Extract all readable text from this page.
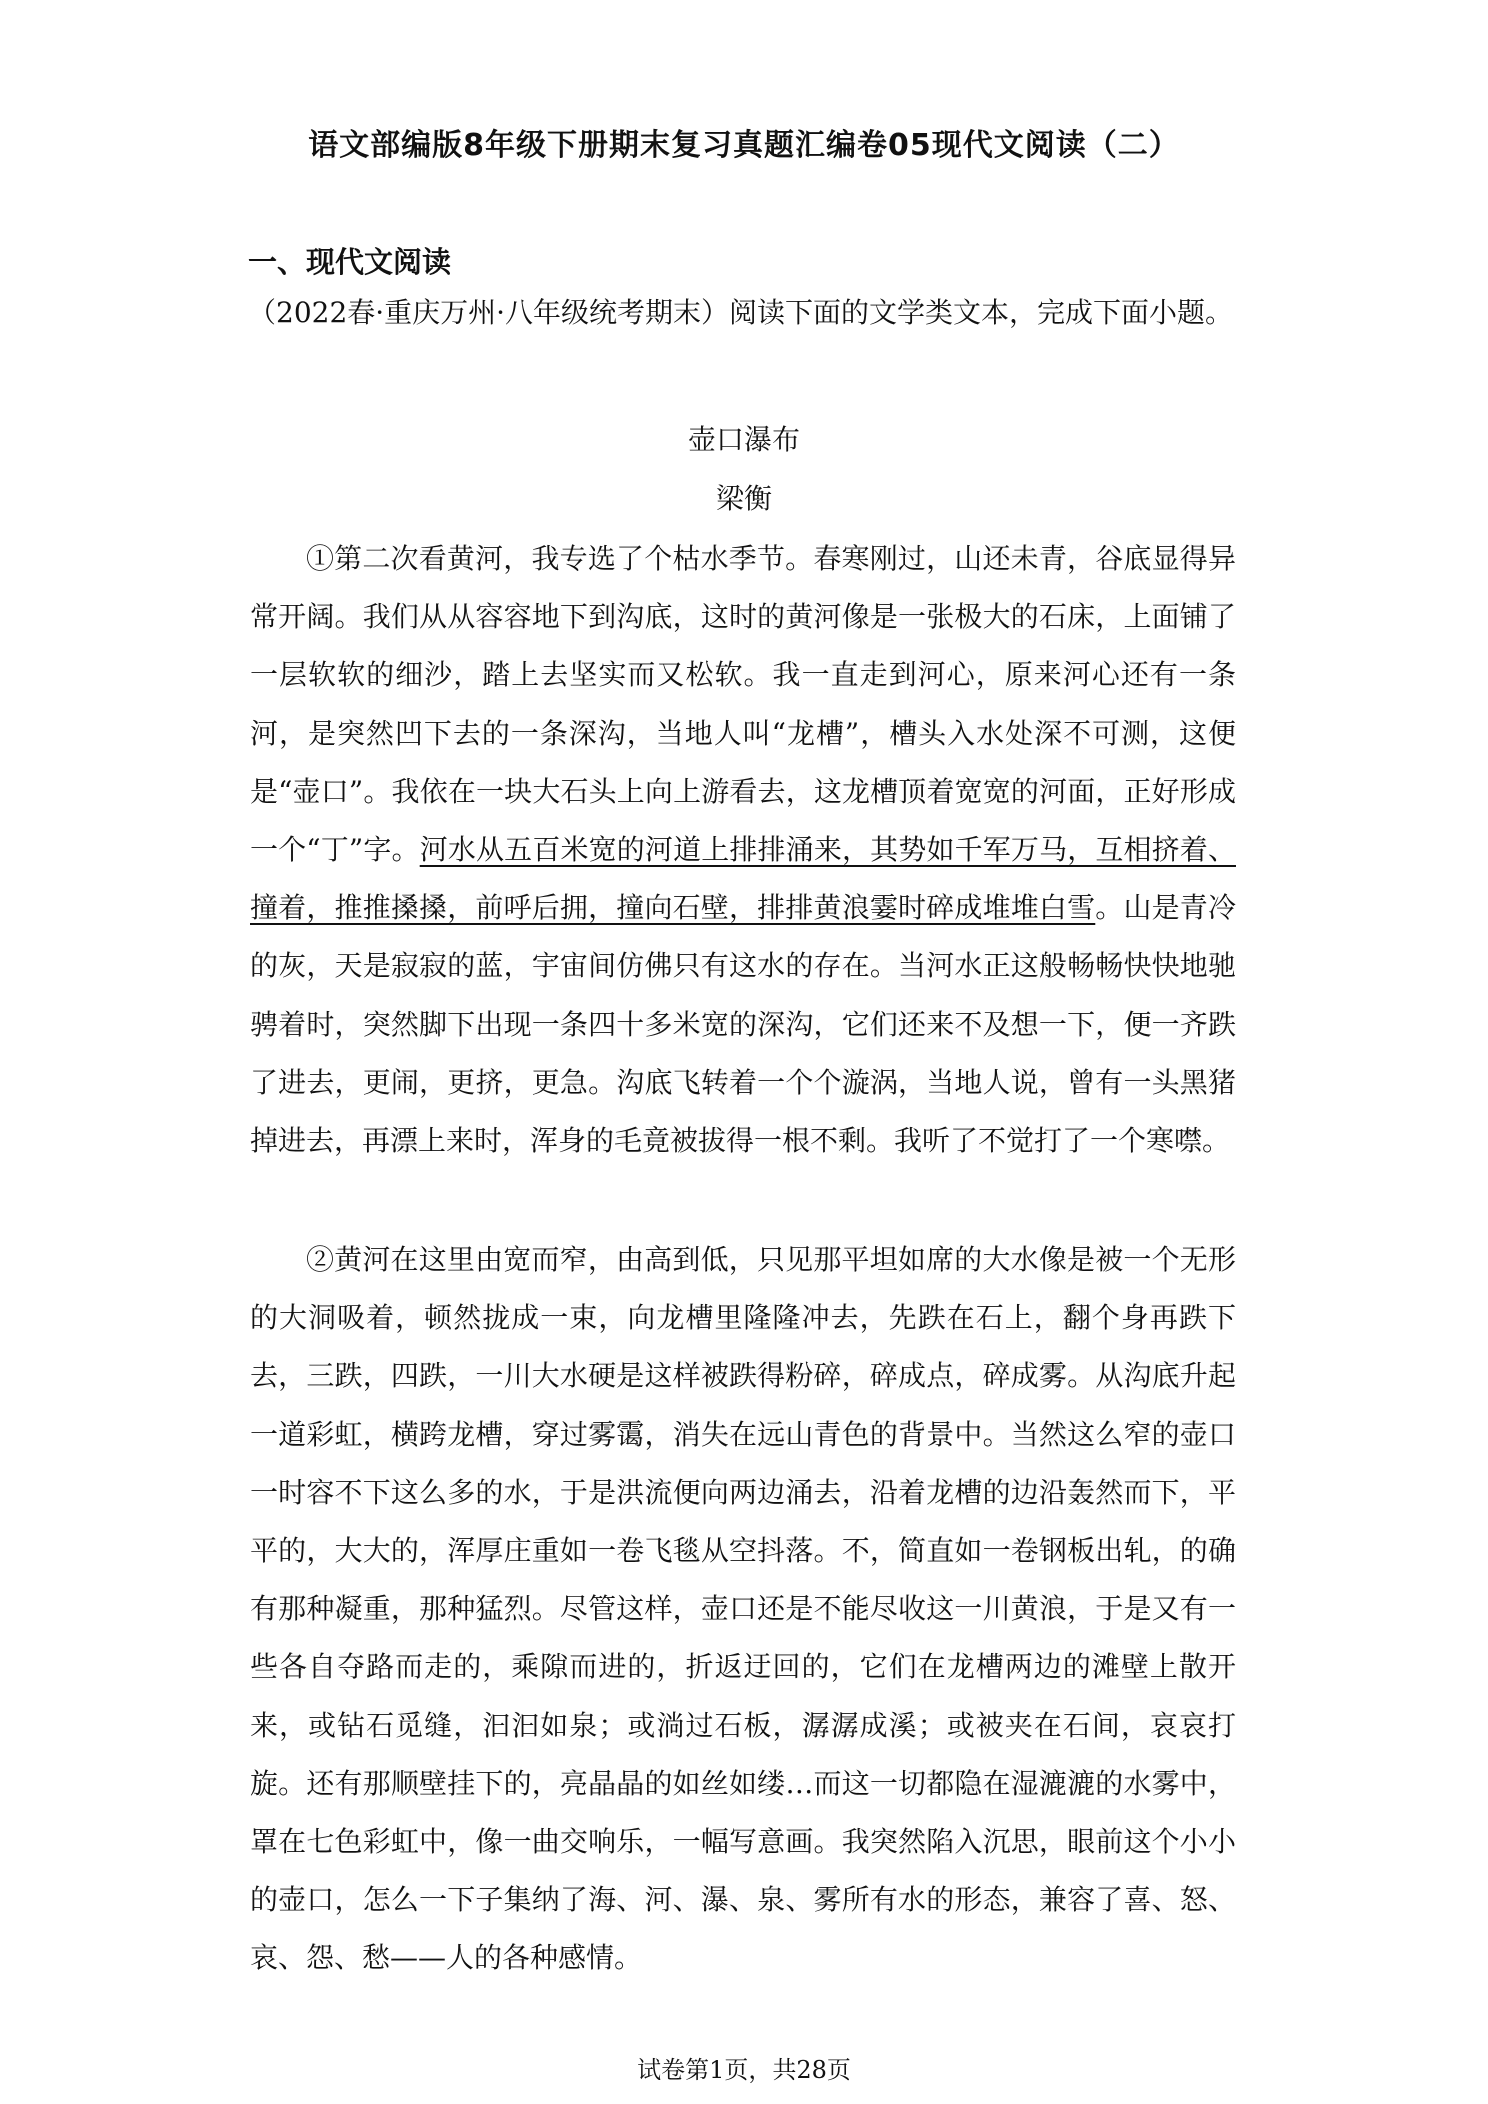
语文部编版8年级下册期末复习真题汇编卷05现代文阅读（二）
一、现代文阅读

（2022春·重庆万州·八年级统考期末）阅读下面的文学类文本，完成下面小题。

壶口瀑布

梁衡

①第二次看黄河，我专选了个枯水季节。春寒刚过，山还未青，谷底显得异常开阔。我们从从容容地下到沟底，这时的黄河像是一张极大的石床，上面铺了一层软软的细沙，踏上去坚实而又松软。我一直走到河心，原来河心还有一条河，是突然凹下去的一条深沟，当地人叫“龙槽”，槽头入水处深不可测，这便是“壶口”。我依在一块大石头上向上游看去，这龙槽顶着宽宽的河面，正好形成一个“丁”字。河水从五百米宽的河道上排排涌来，其势如千军万马，互相挤着、撞着，推推搡搡，前呼后拥，撞向石壁，排排黄浪霎时碎成堆堆白雪。山是青冷的灰，天是寂寂的蓝，宇宙间仿佛只有这水的存在。当河水正这般畅畅快快地驰骋着时，突然脚下出现一条四十多米宽的深沟，它们还来不及想一下，便一齐跌了进去，更闹，更挤，更急。沟底飞转着一个个漩涡，当地人说，曾有一头黑猪掉进去，再漂上来时，浑身的毛竟被拔得一根不剩。我听了不觉打了一个寒噤。

②黄河在这里由宽而窄，由高到低，只见那平坦如席的大水像是被一个无形的大洞吸着，顿然拢成一束，向龙槽里隆隆冲去，先跌在石上，翻个身再跌下去，三跌，四跌，一川大水硬是这样被跌得粉碎，碎成点，碎成雾。从沟底升起一道彩虹，横跨龙槽，穿过雾霭，消失在远山青色的背景中。当然这么窄的壶口一时容不下这么多的水，于是洪流便向两边涌去，沿着龙槽的边沿轰然而下，平平的，大大的，浑厚庄重如一卷飞毯从空抖落。不，简直如一卷钢板出轧，的确有那种凝重，那种猛烈。尽管这样，壶口还是不能尽收这一川黄浪，于是又有一些各自夺路而走的，乘隙而进的，折返迂回的，它们在龙槽两边的滩壁上散开来，或钻石觅缝，汩汩如泉；或淌过石板，潺潺成溪；或被夹在石间，哀哀打旋。还有那顺壁挂下的，亮晶晶的如丝如缕…而这一切都隐在湿漉漉的水雾中，罩在七色彩虹中，像一曲交响乐，一幅写意画。我突然陷入沉思，眼前这个小小的壶口，怎么一下子集纳了海、河、瀑、泉、雾所有水的形态，兼容了喜、怒、哀、怨、愁——人的各种感情。

试卷第1页，共28页
